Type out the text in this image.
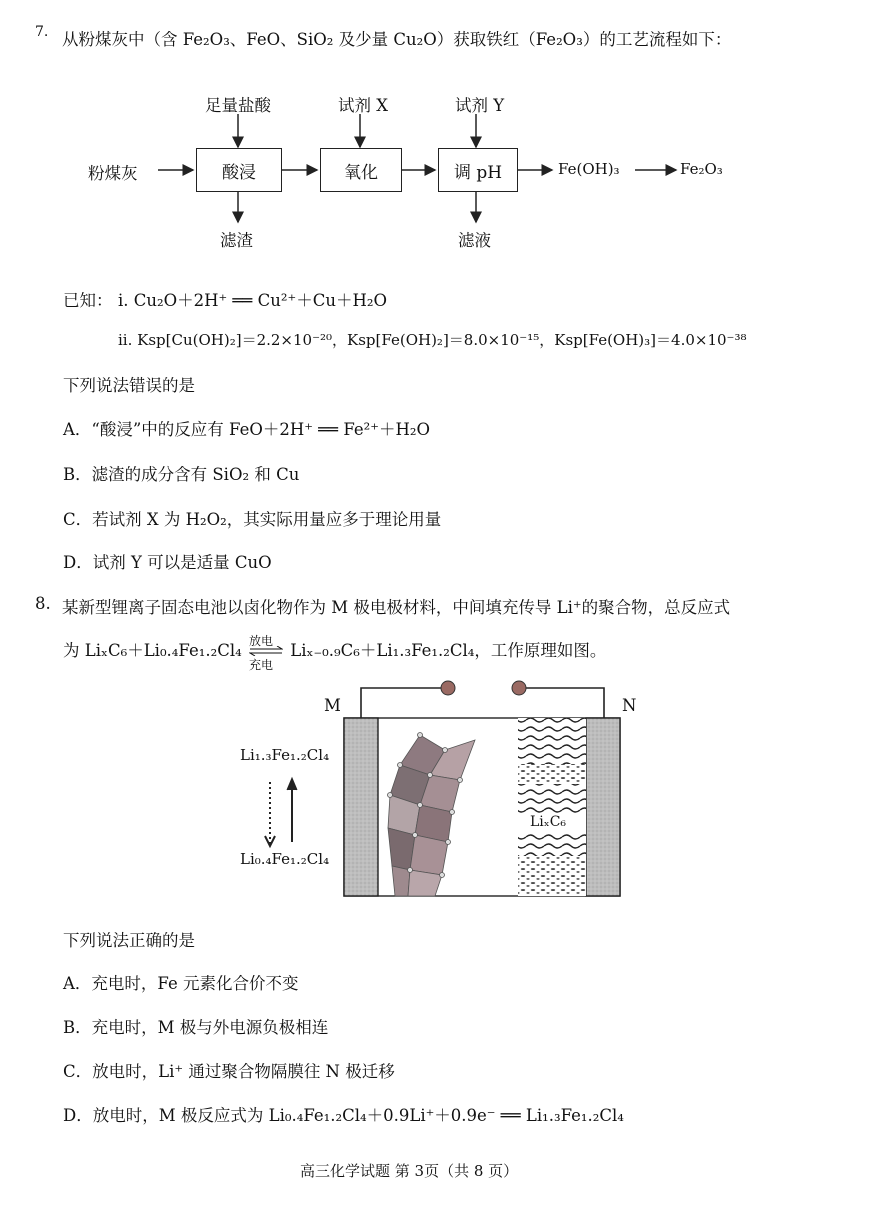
7. 从粉煤灰中（含 Fe₂O₃、FeO、SiO₂ 及少量 Cu₂O）获取铁红（Fe₂O₃）的工艺流程如下：
粉煤灰	酸浸	氧化	调 pH
足量盐酸	试剂 X	试剂 Y
滤渣	滤液
Fe(OH)₃	Fe₂O₃
已知： i. Cu₂O＋2H⁺ ══ Cu²⁺＋Cu＋H₂O
ii. Ksp[Cu(OH)₂]＝2.2×10⁻²⁰，Ksp[Fe(OH)₂]＝8.0×10⁻¹⁵，Ksp[Fe(OH)₃]＝4.0×10⁻³⁸
下列说法错误的是
A．“酸浸”中的反应有 FeO＋2H⁺ ══ Fe²⁺＋H₂O
B．滤渣的成分含有 SiO₂ 和 Cu
C．若试剂 X 为 H₂O₂，其实际用量应多于理论用量
D．试剂 Y 可以是适量 CuO
8. 某新型锂离子固态电池以卤化物作为 M 极电极材料，中间填充传导 Li⁺的聚合物，总反应式
为 LiₓC₆＋Li₀.₄Fe₁.₂Cl₄
放电
充电
Liₓ₋₀.₉C₆＋Li₁.₃Fe₁.₂Cl₄，工作原理如图。
M	N
Li₁.₃Fe₁.₂Cl₄
Li₀.₄Fe₁.₂Cl₄
LiₓC₆
下列说法正确的是
A．充电时，Fe 元素化合价不变
B．充电时，M 极与外电源负极相连
C．放电时，Li⁺ 通过聚合物隔膜往 N 极迁移
D．放电时，M 极反应式为 Li₀.₄Fe₁.₂Cl₄＋0.9Li⁺＋0.9e⁻ ══ Li₁.₃Fe₁.₂Cl₄
高三化学试题 第 3页（共 8 页）
